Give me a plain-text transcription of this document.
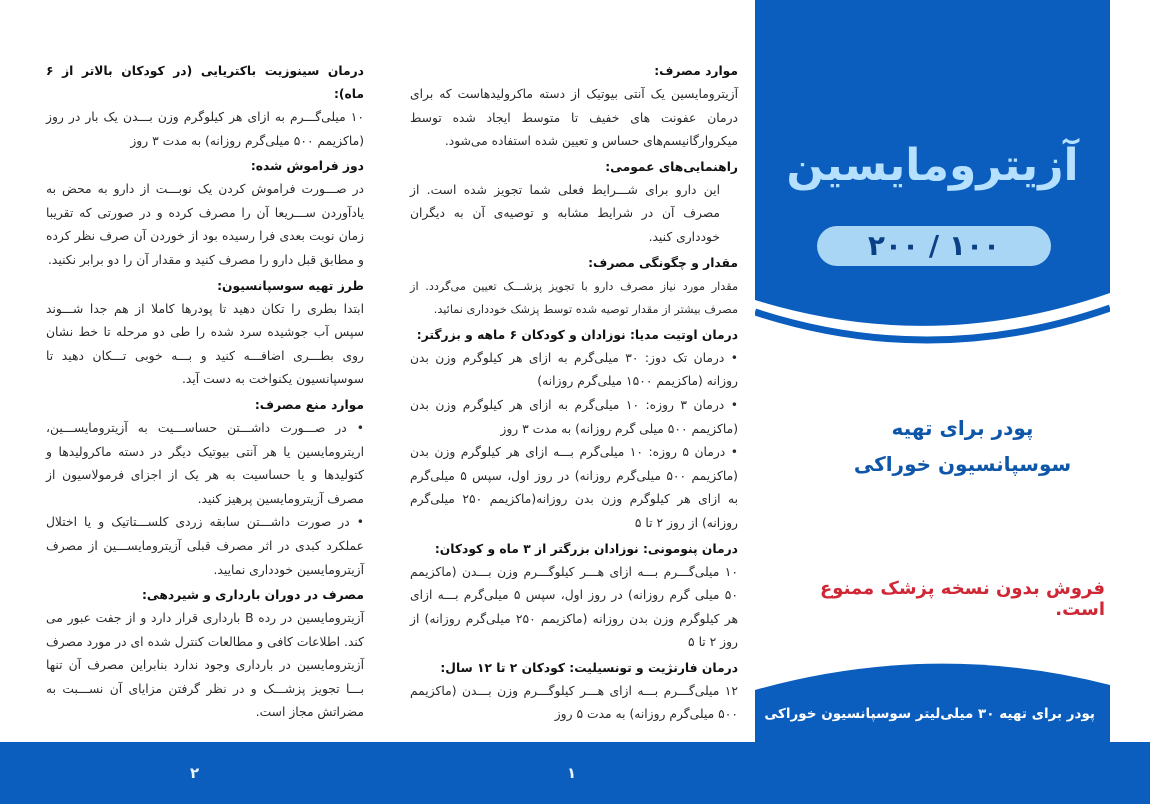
درمان سینوزیت باکتریایی (در کودکان بالاتر از ۶ ماه):

۱۰ میلی‌گـــرم به ازای هر کیلوگرم وزن بـــدن یک بار در روز (ماکزیمم ۵۰۰ میلی‌گرم روزانه) به مدت ۳ روز

دوز فراموش شده:

در صـــورت فراموش کردن یک نوبـــت از دارو به محض به یادآوردن ســـریعا آن را مصرف کرده و در صورتی که تقریبا زمان نوبت بعدی فرا رسیده بود از خوردن آن صرف نظر کرده و مطابق قبل دارو را مصرف کنید و مقدار آن را دو برابر نکنید.

طرز تهیه سوسپانسیون:

ابتدا بطری را تکان دهید تا پودرها کاملا از هم جدا شـــوند سپس آب جوشیده سرد شده را طی دو مرحله تا خط نشان روی بطـــری اضافـــه کنید و بـــه خوبی تـــکان دهید تا سوسپانسیون یکنواخت به دست آید.

موارد منع مصرف:

• در صـــورت داشـــتن حساســـیت به آزیترومایســـین، اریترومایسین یا هر آنتی بیوتیک دیگر در دسته ماکرولیدها و کتولیدها و یا حساسیت به هر یک از اجزای فرمولاسیون از مصرف آزیترومایسین پرهیز کنید.

• در صورت داشـــتن سابقه زردی کلســـتاتیک و یا اختلال عملکرد کبدی در اثر مصرف قبلی آزیترومایســـین از مصرف آزیترومایسین خودداری نمایید.

مصرف در دوران بارداری و شیردهی:

آزیترومایسین در رده B بارداری قرار دارد و از جفت عبور می کند. اطلاعات کافی و مطالعات کنترل شده ای در مورد مصرف آزیترومایسین در بارداری وجود ندارد بنابراین مصرف آن تنها بـــا تجویز پزشـــک و در نظر گرفتن مزایای آن نســـبت به مضراتش مجاز است.

موارد مصرف:

آزیترومایسین یک آنتی بیوتیک از دسته ماکرولیدهاست که برای درمان عفونت های خفیف تا متوسط ایجاد شده توسط میکروارگانیسم‌های حساس و تعیین شده استفاده می‌شود.

راهنمایی‌های عمومی:

این دارو برای شـــرایط فعلی شما تجویز شده است. از مصرف آن در شرایط مشابه و توصیه‌ی آن به دیگران خودداری کنید.

مقدار و چگونگی مصرف:

مقدار مورد نیاز مصرف دارو با تجویز پزشـــک تعیین می‌گردد. از مصرف بیشتر از مقدار توصیه شده توسط پزشک خودداری نمائید.

درمان اوتیت مدیا: نوزادان و کودکان ۶ ماهه و بزرگتر:

• درمان تک دوز: ۳۰ میلی‌گرم به ازای هر کیلوگرم وزن بدن روزانه (ماکزیمم ۱۵۰۰ میلی‌گرم روزانه)

• درمان ۳ روزه: ۱۰ میلی‌گرم به ازای هر کیلوگرم وزن بدن (ماکزیمم ۵۰۰ میلی گرم روزانه) به مدت ۳ روز

• درمان ۵ روزه: ۱۰ میلی‌گرم بـــه ازای هر کیلوگرم وزن بدن (ماکزیمم ۵۰۰ میلی‌گرم روزانه) در روز اول، سپس ۵ میلی‌گرم به ازای هر کیلوگرم وزن بدن روزانه(ماکزیمم ۲۵۰ میلی‌گرم روزانه) از روز ۲ تا ۵

درمان پنومونی: نوزادان بزرگتر از ۳ ماه و کودکان:

۱۰ میلی‌گـــرم بـــه ازای هـــر کیلوگـــرم وزن بـــدن (ماکزیمم ۵۰ میلی گرم روزانه) در روز اول، سپس ۵ میلی‌گرم بـــه ازای هر کیلوگرم وزن بدن روزانه (ماکزیمم ۲۵۰ میلی‌گرم روزانه) از روز ۲ تا ۵

درمان فارنژیت و تونسیلیت: کودکان ۲ تا ۱۲ سال:

۱۲ میلی‌گـــرم بـــه ازای هـــر کیلوگـــرم وزن بـــدن (ماکزیمم ۵۰۰ میلی‌گرم روزانه) به مدت ۵ روز

آزیترومایسین
۱۰۰ / ۲۰۰
پودر برای تهیه سوسپانسیون خوراکی
فروش بدون نسخه پزشک ممنوع است.
پودر برای تهیه ۳۰ میلی‌لیتر سوسپانسیون خوراکی
۱
۲
